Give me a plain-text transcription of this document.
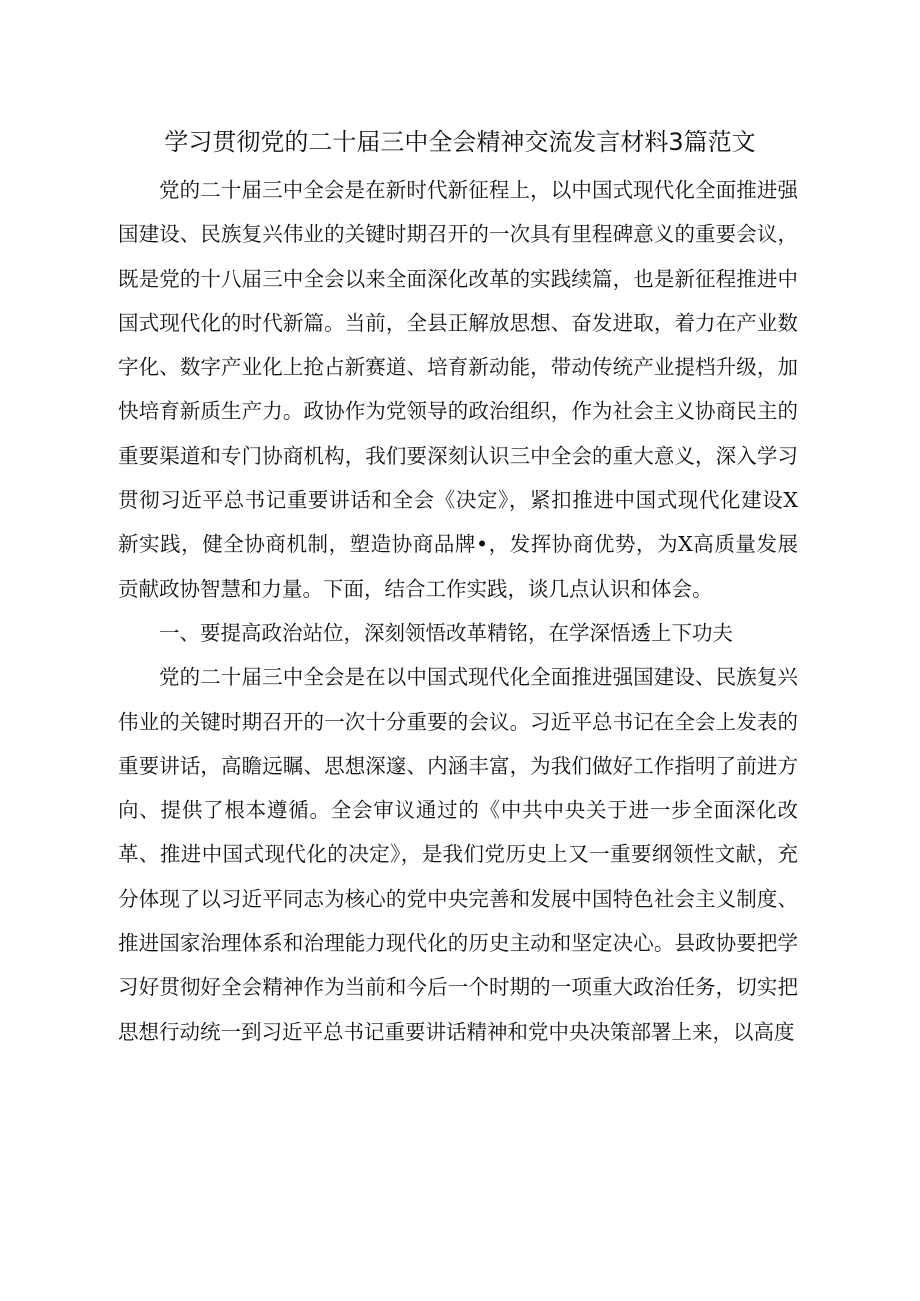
学习贯彻党的二十届三中全会精神交流发言材料3篇范文

党的二十届三中全会是在新时代新征程上，以中国式现代化全面推进强国建设、民族复兴伟业的关键时期召开的一次具有里程碑意义的重要会议，既是党的十八届三中全会以来全面深化改革的实践续篇，也是新征程推进中国式现代化的时代新篇。当前，全县正解放思想、奋发进取，着力在产业数字化、数字产业化上抢占新赛道、培育新动能，带动传统产业提档升级，加快培育新质生产力。政协作为党领导的政治组织，作为社会主义协商民主的重要渠道和专门协商机构，我们要深刻认识三中全会的重大意义，深入学习贯彻习近平总书记重要讲话和全会《决定》，紧扣推进中国式现代化建设X新实践，健全协商机制，塑造协商品牌•，发挥协商优势，为X高质量发展贡献政协智慧和力量。下面，结合工作实践，谈几点认识和体会。

一、要提高政治站位，深刻领悟改革精铭，在学深悟透上下功夫

党的二十届三中全会是在以中国式现代化全面推进强国建设、民族复兴伟业的关键时期召开的一次十分重要的会议。习近平总书记在全会上发表的重要讲话，高瞻远瞩、思想深邃、内涵丰富，为我们做好工作指明了前进方向、提供了根本遵循。全会审议通过的《中共中央关于进一步全面深化改革、推进中国式现代化的决定》，是我们党历史上又一重要纲领性文献，充分体现了以习近平同志为核心的党中央完善和发展中国特色社会主义制度、推进国家治理体系和治理能力现代化的历史主动和坚定决心。县政协要把学习好贯彻好全会精神作为当前和今后一个时期的一项重大政治任务，切实把思想行动统一到习近平总书记重要讲话精神和党中央决策部署上来，以高度
